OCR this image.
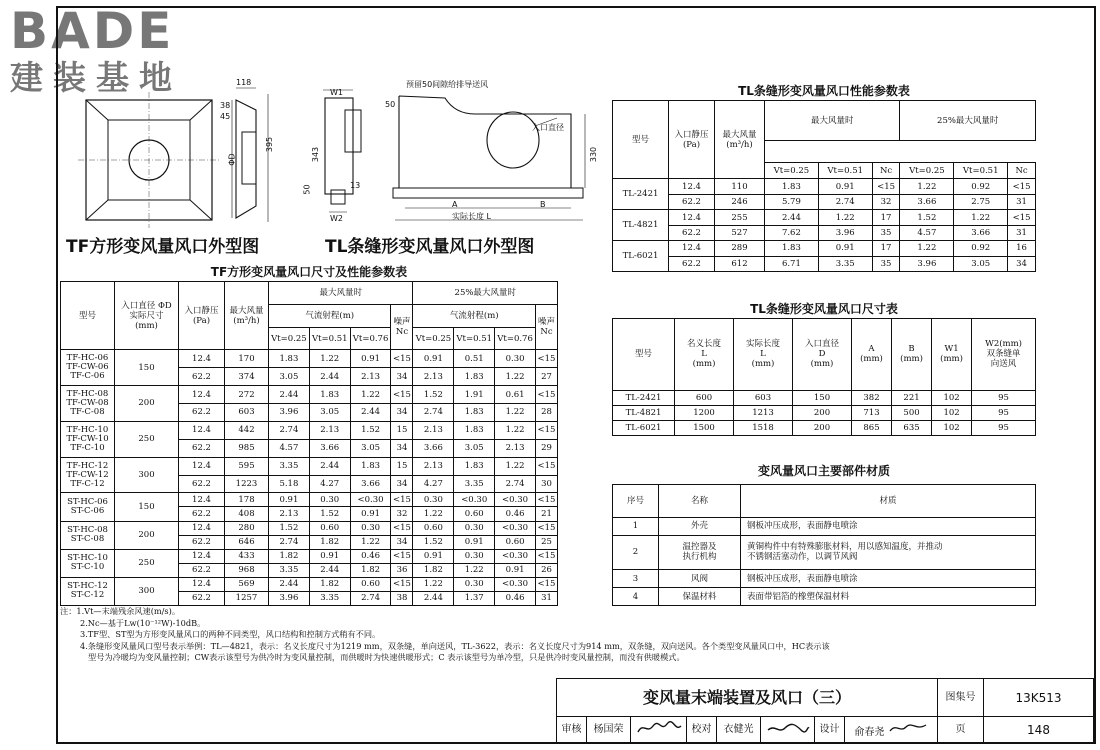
BADE
建装基地	118
38
45
395
ΦD
TF方形变风量风口外型图
预留50间隙给排导送风
W1
50
343
13
50
W2
330
A	B
实际长度 L
入口直径
TL条缝形变风量风口外型图
TL条缝形变风量风口性能参数表
型号	入口静压
(Pa)	最大风量
(m³/h)	最大风量时			25%最大风量时		

			Vt=0.25	Vt=0.51	Nc	Vt=0.25	Vt=0.51	Nc
TL-2421	12.4	110	1.83	0.91	<15	1.22	0.92	<15
	62.2	246	5.79	2.74	32	3.66	2.75	31
TL-4821	12.4	255	2.44	1.22	17	1.52	1.22	<15
	62.2	527	7.62	3.96	35	4.57	3.66	31
TL-6021	12.4	289	1.83	0.91	17	1.22	0.92	16
	62.2	612	6.71	3.35	35	3.96	3.05	34
TL条缝形变风量风口尺寸表
型号	名义长度
L
(mm)	实际长度
L
(mm)	入口直径
D
(mm)	A
(mm)	B
(mm)	W1
(mm)	W2(mm)
双条缝单
向送风
TL-2421	600	603	150	382	221	102	95
TL-4821	1200	1213	200	713	500	102	95
TL-6021	1500	1518	200	865	635	102	95
变风量风口主要部件材质
序号	名称	材质
1	外壳	钢板冲压成形，表面静电喷涂
2	温控器及
执行机构	黄铜构件中有特殊膨胀材料，用以感知温度，并推动
不锈钢活塞动作，以调节风阀
3	风阀	钢板冲压成形，表面静电喷涂
4	保温材料	表面带铝箔的橡塑保温材料
TF方形变风量风口尺寸及性能参数表
型号	入口直径 ΦD
实际尺寸
(mm)	入口静压
(Pa)	最大风量
(m³/h)	最大风量时				25%最大风量时			
				气流射程(m)			噪声
Nc	气流射程(m)			噪声
Nc
				Vt=0.25	Vt=0.51	Vt=0.76		Vt=0.25	Vt=0.51	Vt=0.76	
TF-HC-06
TF-CW-06
TF-C-06	150	12.4	170	1.83	1.22	0.91	<15	0.91	0.51	0.30	<15
		62.2	374	3.05	2.44	2.13	34	2.13	1.83	1.22	27
TF-HC-08
TF-CW-08
TF-C-08	200	12.4	272	2.44	1.83	1.22	<15	1.52	1.91	0.61	<15
		62.2	603	3.96	3.05	2.44	34	2.74	1.83	1.22	28
TF-HC-10
TF-CW-10
TF-C-10	250	12.4	442	2.74	2.13	1.52	15	2.13	1.83	1.22	<15
		62.2	985	4.57	3.66	3.05	34	3.66	3.05	2.13	29
TF-HC-12
TF-CW-12
TF-C-12	300	12.4	595	3.35	2.44	1.83	15	2.13	1.83	1.22	<15
		62.2	1223	5.18	4.27	3.66	34	4.27	3.35	2.74	30
ST-HC-06
ST-C-06	150	12.4	178	0.91	0.30	<0.30	<15	0.30	<0.30	<0.30	<15
		62.2	408	2.13	1.52	0.91	32	1.22	0.60	0.46	21
ST-HC-08
ST-C-08	200	12.4	280	1.52	0.60	0.30	<15	0.60	0.30	<0.30	<15
		62.2	646	2.74	1.82	1.22	34	1.52	0.91	0.60	25
ST-HC-10
ST-C-10	250	12.4	433	1.82	0.91	0.46	<15	0.91	0.30	<0.30	<15
		62.2	968	3.35	2.44	1.82	36	1.82	1.22	0.91	26
ST-HC-12
ST-C-12	300	12.4	569	2.44	1.82	0.60	<15	1.22	0.30	<0.30	<15
		62.2	1257	3.96	3.35	2.74	38	2.44	1.37	0.46	31
注：1.Vt—末端残余风速(m/s)。
2.Nc—基于Lw(10⁻¹²W)-10dB。
3.TF型、ST型为方形变风量风口的两种不同类型，风口结构和控制方式稍有不同。
4.条缝形变风量风口型号表示举例：TL—4821，表示：名义长度尺寸为1219 mm，双条缝，单向送风，TL-3622，表示：名义长度尺寸为914 mm，双条缝，双向送风。各个类型变风量风口中，HC表示该
型号为冷暖均为变风量控制；CW表示该型号为供冷时为变风量控制，而供暖时为快速供暖形式；C 表示该型号为单冷型，只是供冷时变风量控制，而没有供暖模式。
变风量末端装置及风口（三）								图集号	13K513
审核	杨国荣		校对	衣健光		设计	俞春尧	页	148
